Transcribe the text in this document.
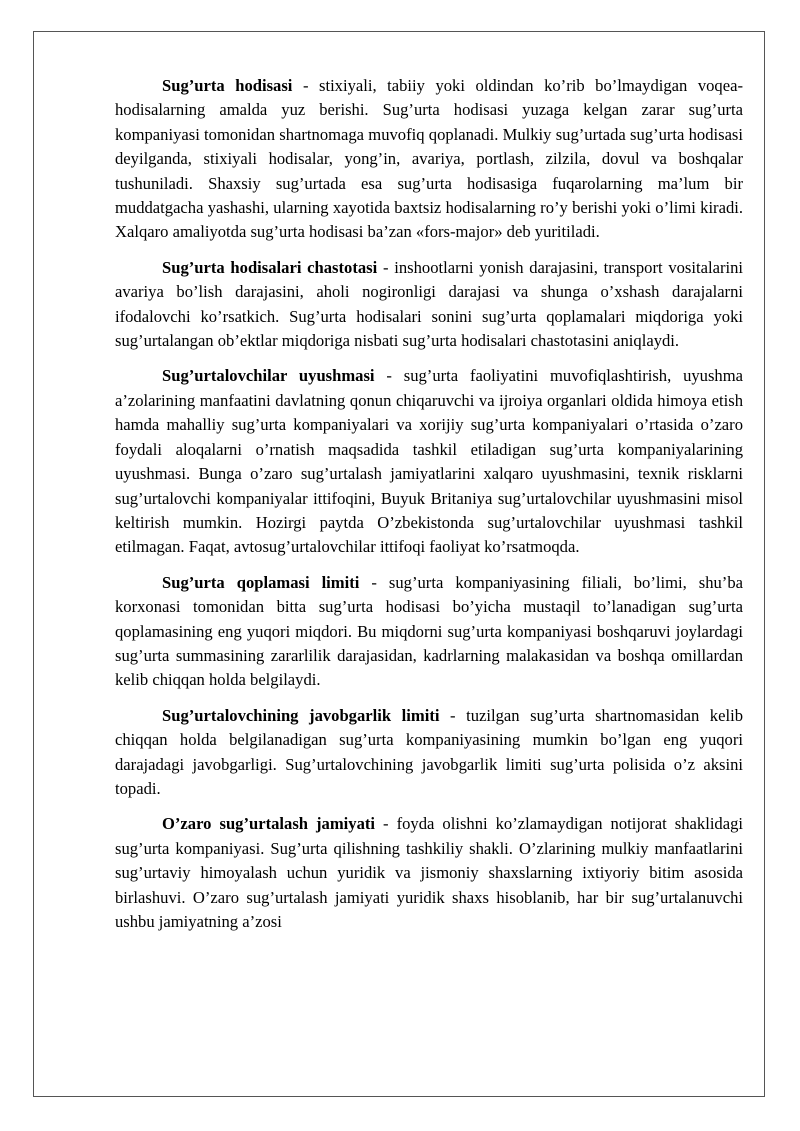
Sug’urta hodisasi - stixiyali, tabiiy yoki oldindan ko’rib bo’lmaydigan voqea-hodisalarning amalda yuz berishi. Sug’urta hodisasi yuzaga kelgan zarar sug’urta kompaniyasi tomonidan shartnomaga muvofiq qoplanadi. Mulkiy sug’urtada sug’urta hodisasi deyilganda, stixiyali hodisalar, yong’in, avariya, portlash, zilzila, dovul va boshqalar tushuniladi. Shaxsiy sug’urtada esa sug’urta hodisasiga fuqarolarning ma’lum bir muddatgacha yashashi, ularning xayotida baxtsiz hodisalarning ro’y berishi yoki o’limi kiradi. Xalqaro amaliyotda sug’urta hodisasi ba’zan «fors-major» deb yuritiladi.

Sug’urta hodisalari chastotasi - inshootlarni yonish darajasini, transport vositalarini avariya bo’lish darajasini, aholi nogironligi darajasi va shunga o’xshash darajalarni ifodalovchi ko’rsatkich. Sug’urta hodisalari sonini sug’urta qoplamalari miqdoriga yoki sug’urtalangan ob’ektlar miqdoriga nisbati sug’urta hodisalari chastotasini aniqlaydi.

Sug’urtalovchilar uyushmasi - sug’urta faoliyatini muvofiqlashtirish, uyushma a’zolarining manfaatini davlatning qonun chiqaruvchi va ijroiya organlari oldida himoya etish hamda mahalliy sug’urta kompaniyalari va xorijiy sug’urta kompaniyalari o’rtasida o’zaro foydali aloqalarni o’rnatish maqsadida tashkil etiladigan sug’urta kompaniyalarining uyushmasi. Bunga o’zaro sug’urtalash jamiyatlarini xalqaro uyushmasini, texnik risklarni sug’urtalovchi kompaniyalar ittifoqini, Buyuk Britaniya sug’urtalovchilar uyushmasini misol keltirish mumkin. Hozirgi paytda O’zbekistonda sug’urtalovchilar uyushmasi tashkil etilmagan. Faqat, avtosug’urtalovchilar ittifoqi faoliyat ko’rsatmoqda.

Sug’urta qoplamasi limiti - sug’urta kompaniyasining filiali, bo’limi, shu’ba korxonasi tomonidan bitta sug’urta hodisasi bo’yicha mustaqil to’lanadigan sug’urta qoplamasining eng yuqori miqdori. Bu miqdorni sug’urta kompaniyasi boshqaruvi joylardagi sug’urta summasining zararlilik darajasidan, kadrlarning malakasidan va boshqa omillardan kelib chiqqan holda belgilaydi.

Sug’urtalovchining javobgarlik limiti - tuzilgan sug’urta shartnomasidan kelib chiqqan holda belgilanadigan sug’urta kompaniyasining mumkin bo’lgan eng yuqori darajadagi javobgarligi. Sug’urtalovchining javobgarlik limiti sug’urta polisida o’z aksini topadi.

O’zaro sug’urtalash jamiyati - foyda olishni ko’zlamaydigan notijorat shaklidagi sug’urta kompaniyasi. Sug’urta qilishning tashkiliy shakli. O’zlarining mulkiy manfaatlarini sug’urtaviy himoyalash uchun yuridik va jismoniy shaxslarning ixtiyoriy bitim asosida birlashuvi. O’zaro sug’urtalash jamiyati yuridik shaxs hisoblanib, har bir sug’urtalanuvchi ushbu jamiyatning a’zosi
